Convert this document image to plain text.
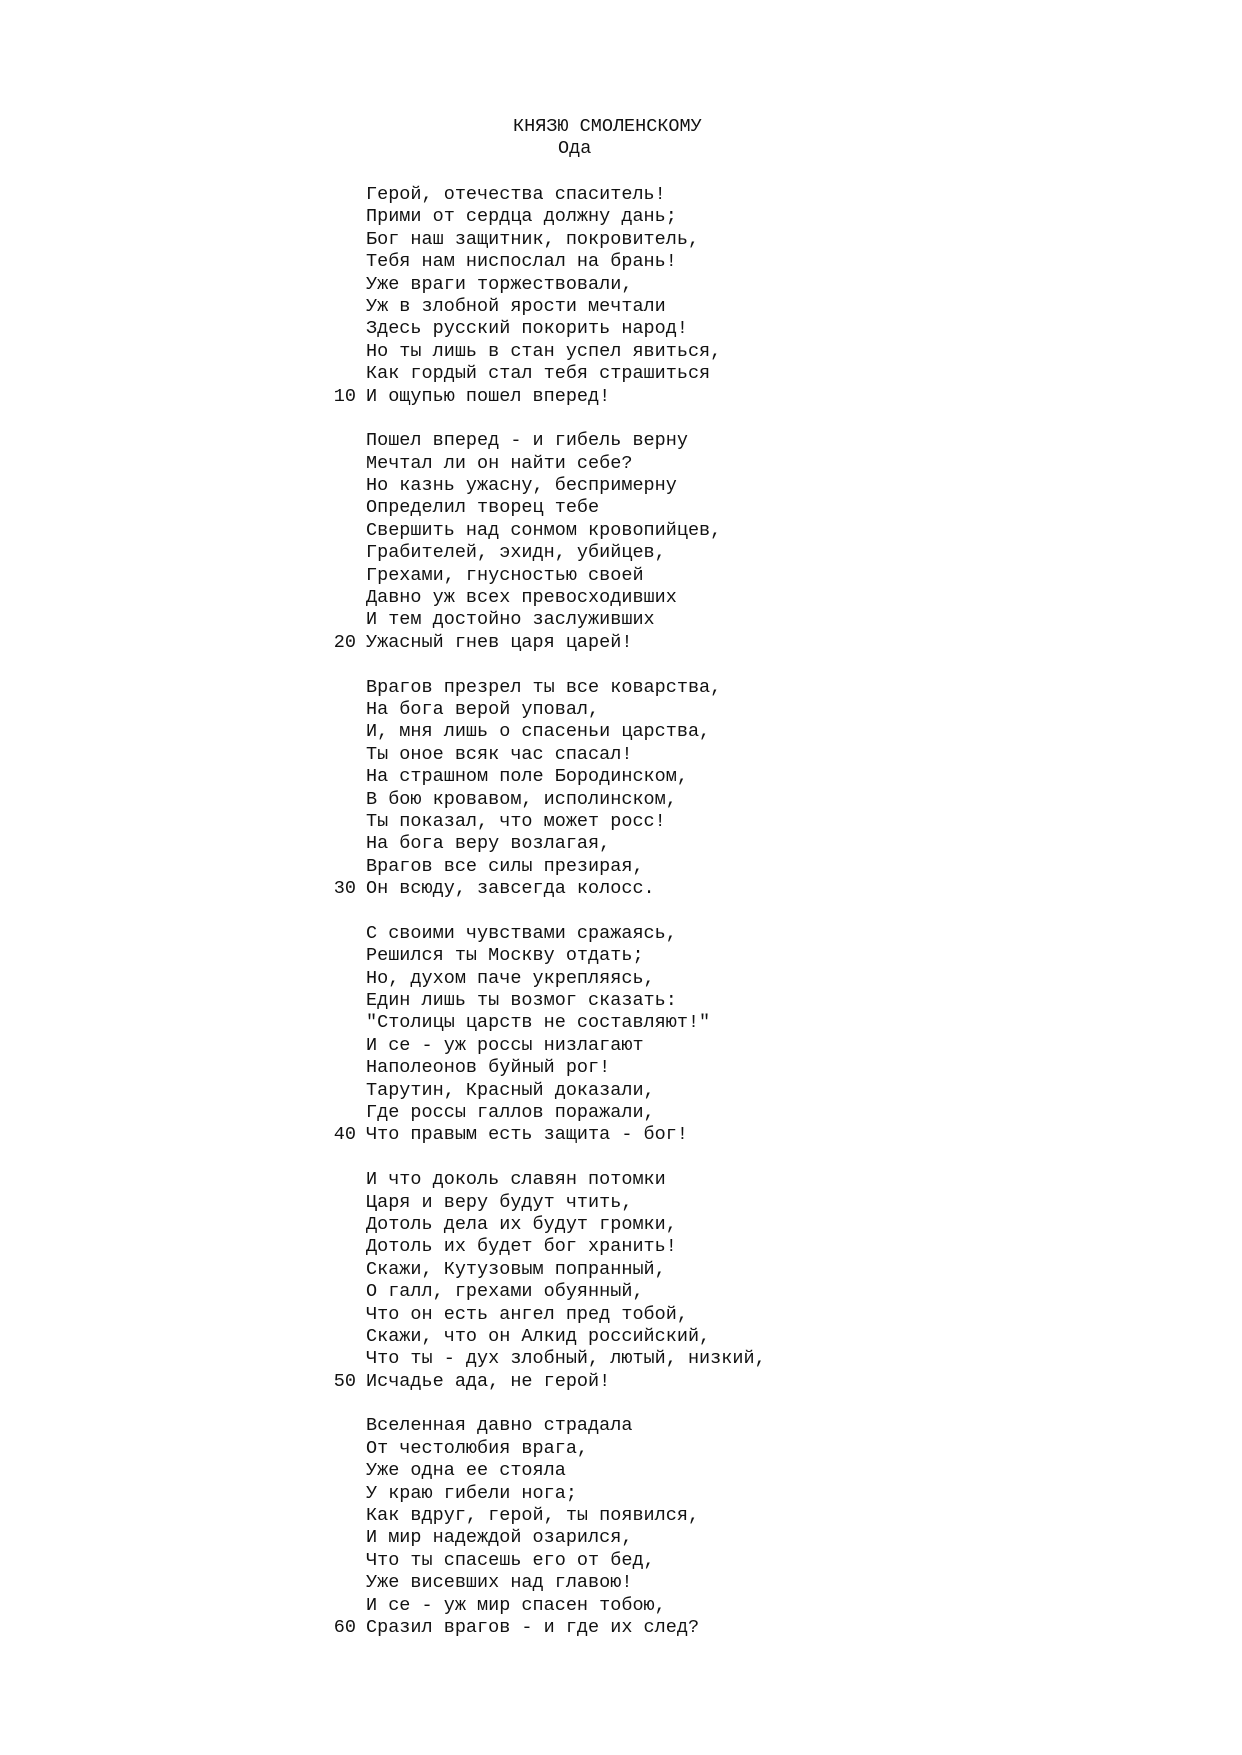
КНЯЗЮ СМОЛЕНСКОМУ
Ода
Герой, отечества спаситель!
Прими от сердца должну дань;
Бог наш защитник, покровитель,
Тебя нам ниспослал на брань!
Уже враги торжествовали,
Уж в злобной ярости мечтали
Здесь русский покорить народ!
Но ты лишь в стан успел явиться,
Как гордый стал тебя страшиться
10 И ощупью пошел вперед!
Пошел вперед - и гибель верну
Мечтал ли он найти себе?
Но казнь ужасну, беспримерну
Определил творец тебе
Свершить над сонмом кровопийцев,
Грабителей, эхидн, убийцев,
Грехами, гнусностью своей
Давно уж всех превосходивших
И тем достойно заслуживших
20 Ужасный гнев царя царей!
Врагов презрел ты все коварства,
На бога верой уповал,
И, мня лишь о спасеньи царства,
Ты оное всяк час спасал!
На страшном поле Бородинском,
В бою кровавом, исполинском,
Ты показал, что может росс!
На бога веру возлагая,
Врагов все силы презирая,
30 Он всюду, завсегда колосс.
С своими чувствами сражаясь,
Решился ты Москву отдать;
Но, духом паче укрепляясь,
Един лишь ты возмог сказать:
"Столицы царств не составляют!"
И се - уж россы низлагают
Наполеонов буйный рог!
Тарутин, Красный доказали,
Где россы галлов поражали,
40 Что правым есть защита - бог!
И что доколь славян потомки
Царя и веру будут чтить,
Дотоль дела их будут громки,
Дотоль их будет бог хранить!
Скажи, Кутузовым попранный,
О галл, грехами обуянный,
Что он есть ангел пред тобой,
Скажи, что он Алкид российский,
Что ты - дух злобный, лютый, низкий,
50 Исчадье ада, не герой!
Вселенная давно страдала
От честолюбия врага,
Уже одна ее стояла
У краю гибели нога;
Как вдруг, герой, ты появился,
И мир надеждой озарился,
Что ты спасешь его от бед,
Уже висевших над главою!
И се - уж мир спасен тобою,
60 Сразил врагов - и где их след?
